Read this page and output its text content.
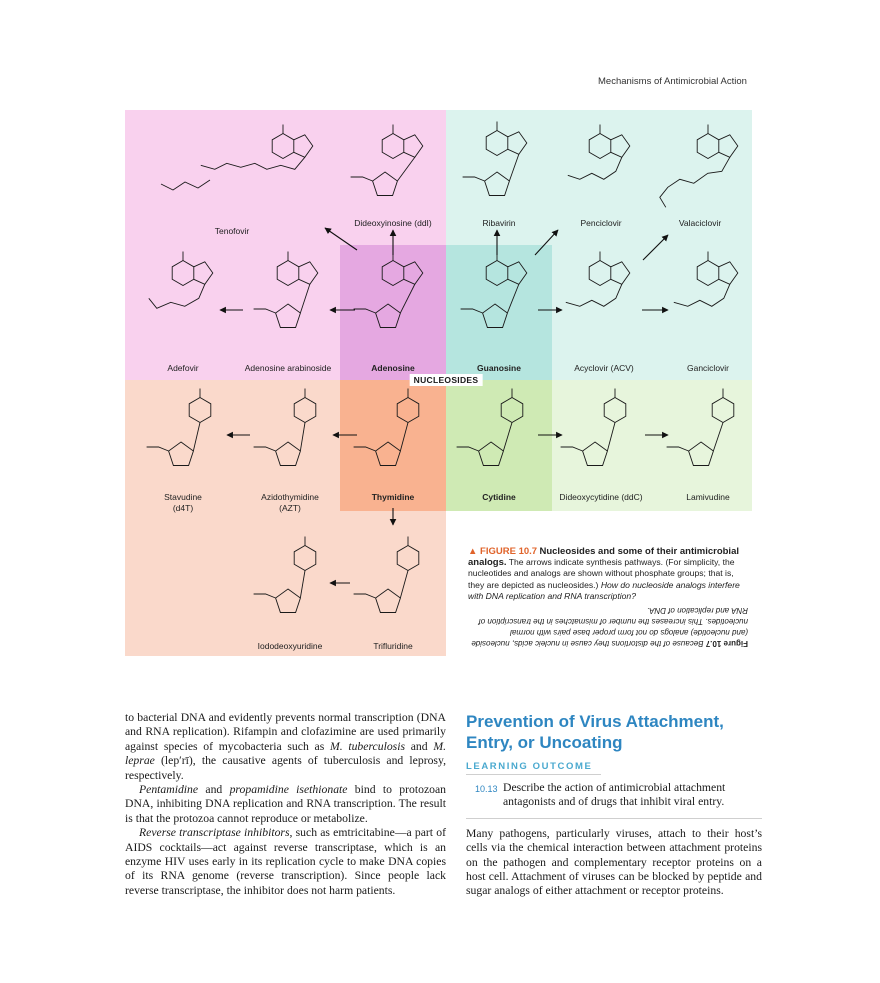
Mechanisms of Antimicrobial Action
Tenofovir
Dideoxyinosine (ddI)	Ribavirin	Penciclovir	Valaciclovir
Adefovir	Adenosine arabinoside	Adenosine	Guanosine	Acyclovir (ACV)	Ganciclovir
NUCLEOSIDES
Stavudine
(d4T)
Azidothymidine
(AZT)
Thymidine	Cytidine	Dideoxycytidine (ddC)	Lamivudine
Iododeoxyuridine	Trifluridine
▲ FIGURE 10.7 Nucleosides and some of their antimicrobial analogs. The arrows indicate synthesis pathways. (For simplicity, the nucleotides and analogs are shown without phosphate groups; that is, they are depicted as nucleosides.) How do nucleoside analogs interfere with DNA replication and RNA transcription?
Figure 10.7 Because of the distortions they cause in nucleic acids, nucleoside (and nucleotide) analogs do not form proper base pairs with normal nucleotides. This increases the number of mismatches in the transcription of RNA and replication of DNA.

to bacterial DNA and evidently prevents normal transcription (DNA and RNA replication). Rifampin and clofazimine are used primarily against species of mycobacteria such as M. tuberculosis and M. leprae (lep′rī), the causative agents of tuberculosis and leprosy, respectively.

Pentamidine and propamidine isethionate bind to protozoan DNA, inhibiting DNA replication and RNA transcription. The result is that the protozoa cannot reproduce or metabolize.

Reverse transcriptase inhibitors, such as emtricitabine—a part of AIDS cocktails—act against reverse transcriptase, which is an enzyme HIV uses early in its replication cycle to make DNA copies of its RNA genome (reverse transcription). Since people lack reverse transcriptase, the inhibitor does not harm patients.

Prevention of Virus Attachment,
Entry, or Uncoating
LEARNING OUTCOME
10.13 Describe the action of antimicrobial attachment antagonists and of drugs that inhibit viral entry.

Many pathogens, particularly viruses, attach to their host’s cells via the chemical interaction between attachment proteins on the pathogen and complementary receptor proteins on a host cell. Attachment of viruses can be blocked by peptide and sugar analogs of either attachment or receptor proteins.
